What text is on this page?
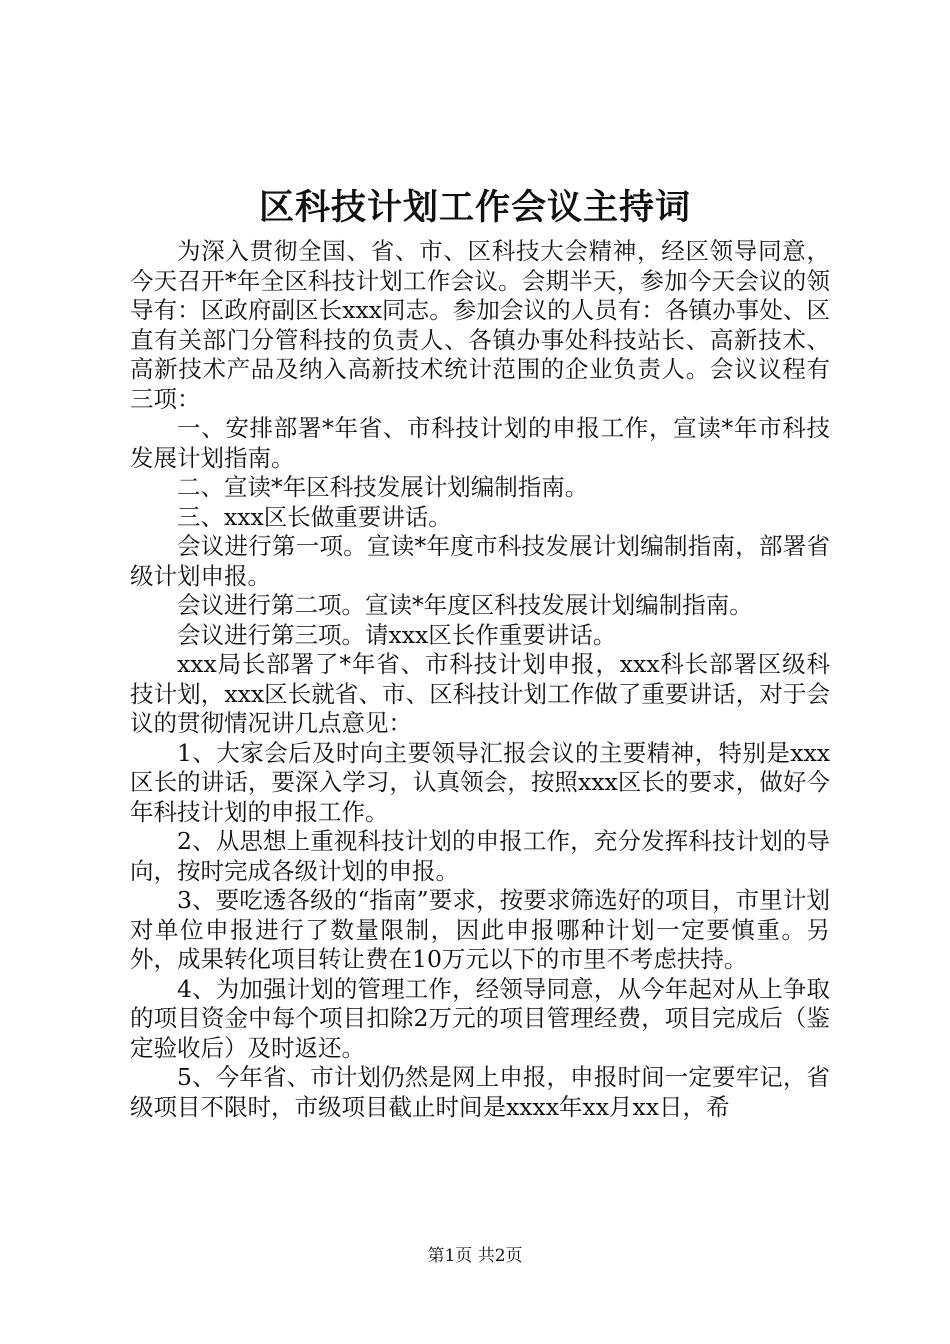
区科技计划工作会议主持词

为深入贯彻全国、省、市、区科技大会精神，经区领导同意，今天召开*年全区科技计划工作会议。会期半天，参加今天会议的领导有：区政府副区长xxx同志。参加会议的人员有：各镇办事处、区直有关部门分管科技的负责人、各镇办事处科技站长、高新技术、高新技术产品及纳入高新技术统计范围的企业负责人。会议议程有三项：

一、安排部署*年省、市科技计划的申报工作，宣读*年市科技发展计划指南。

二、宣读*年区科技发展计划编制指南。

三、xxx区长做重要讲话。

会议进行第一项。宣读*年度市科技发展计划编制指南，部署省级计划申报。

会议进行第二项。宣读*年度区科技发展计划编制指南。

会议进行第三项。请xxx区长作重要讲话。

xxx局长部署了*年省、市科技计划申报，xxx科长部署区级科技计划，xxx区长就省、市、区科技计划工作做了重要讲话，对于会议的贯彻情况讲几点意见：

1、大家会后及时向主要领导汇报会议的主要精神，特别是xxx区长的讲话，要深入学习，认真领会，按照xxx区长的要求，做好今年科技计划的申报工作。

2、从思想上重视科技计划的申报工作，充分发挥科技计划的导向，按时完成各级计划的申报。

3、要吃透各级的“指南”要求，按要求筛选好的项目，市里计划对单位申报进行了数量限制，因此申报哪种计划一定要慎重。另外，成果转化项目转让费在10万元以下的市里不考虑扶持。

4、为加强计划的管理工作，经领导同意，从今年起对从上争取的项目资金中每个项目扣除2万元的项目管理经费，项目完成后（鉴定验收后）及时返还。

5、今年省、市计划仍然是网上申报，申报时间一定要牢记，省级项目不限时，市级项目截止时间是xxxx年xx月xx日，希

第1页 共2页
